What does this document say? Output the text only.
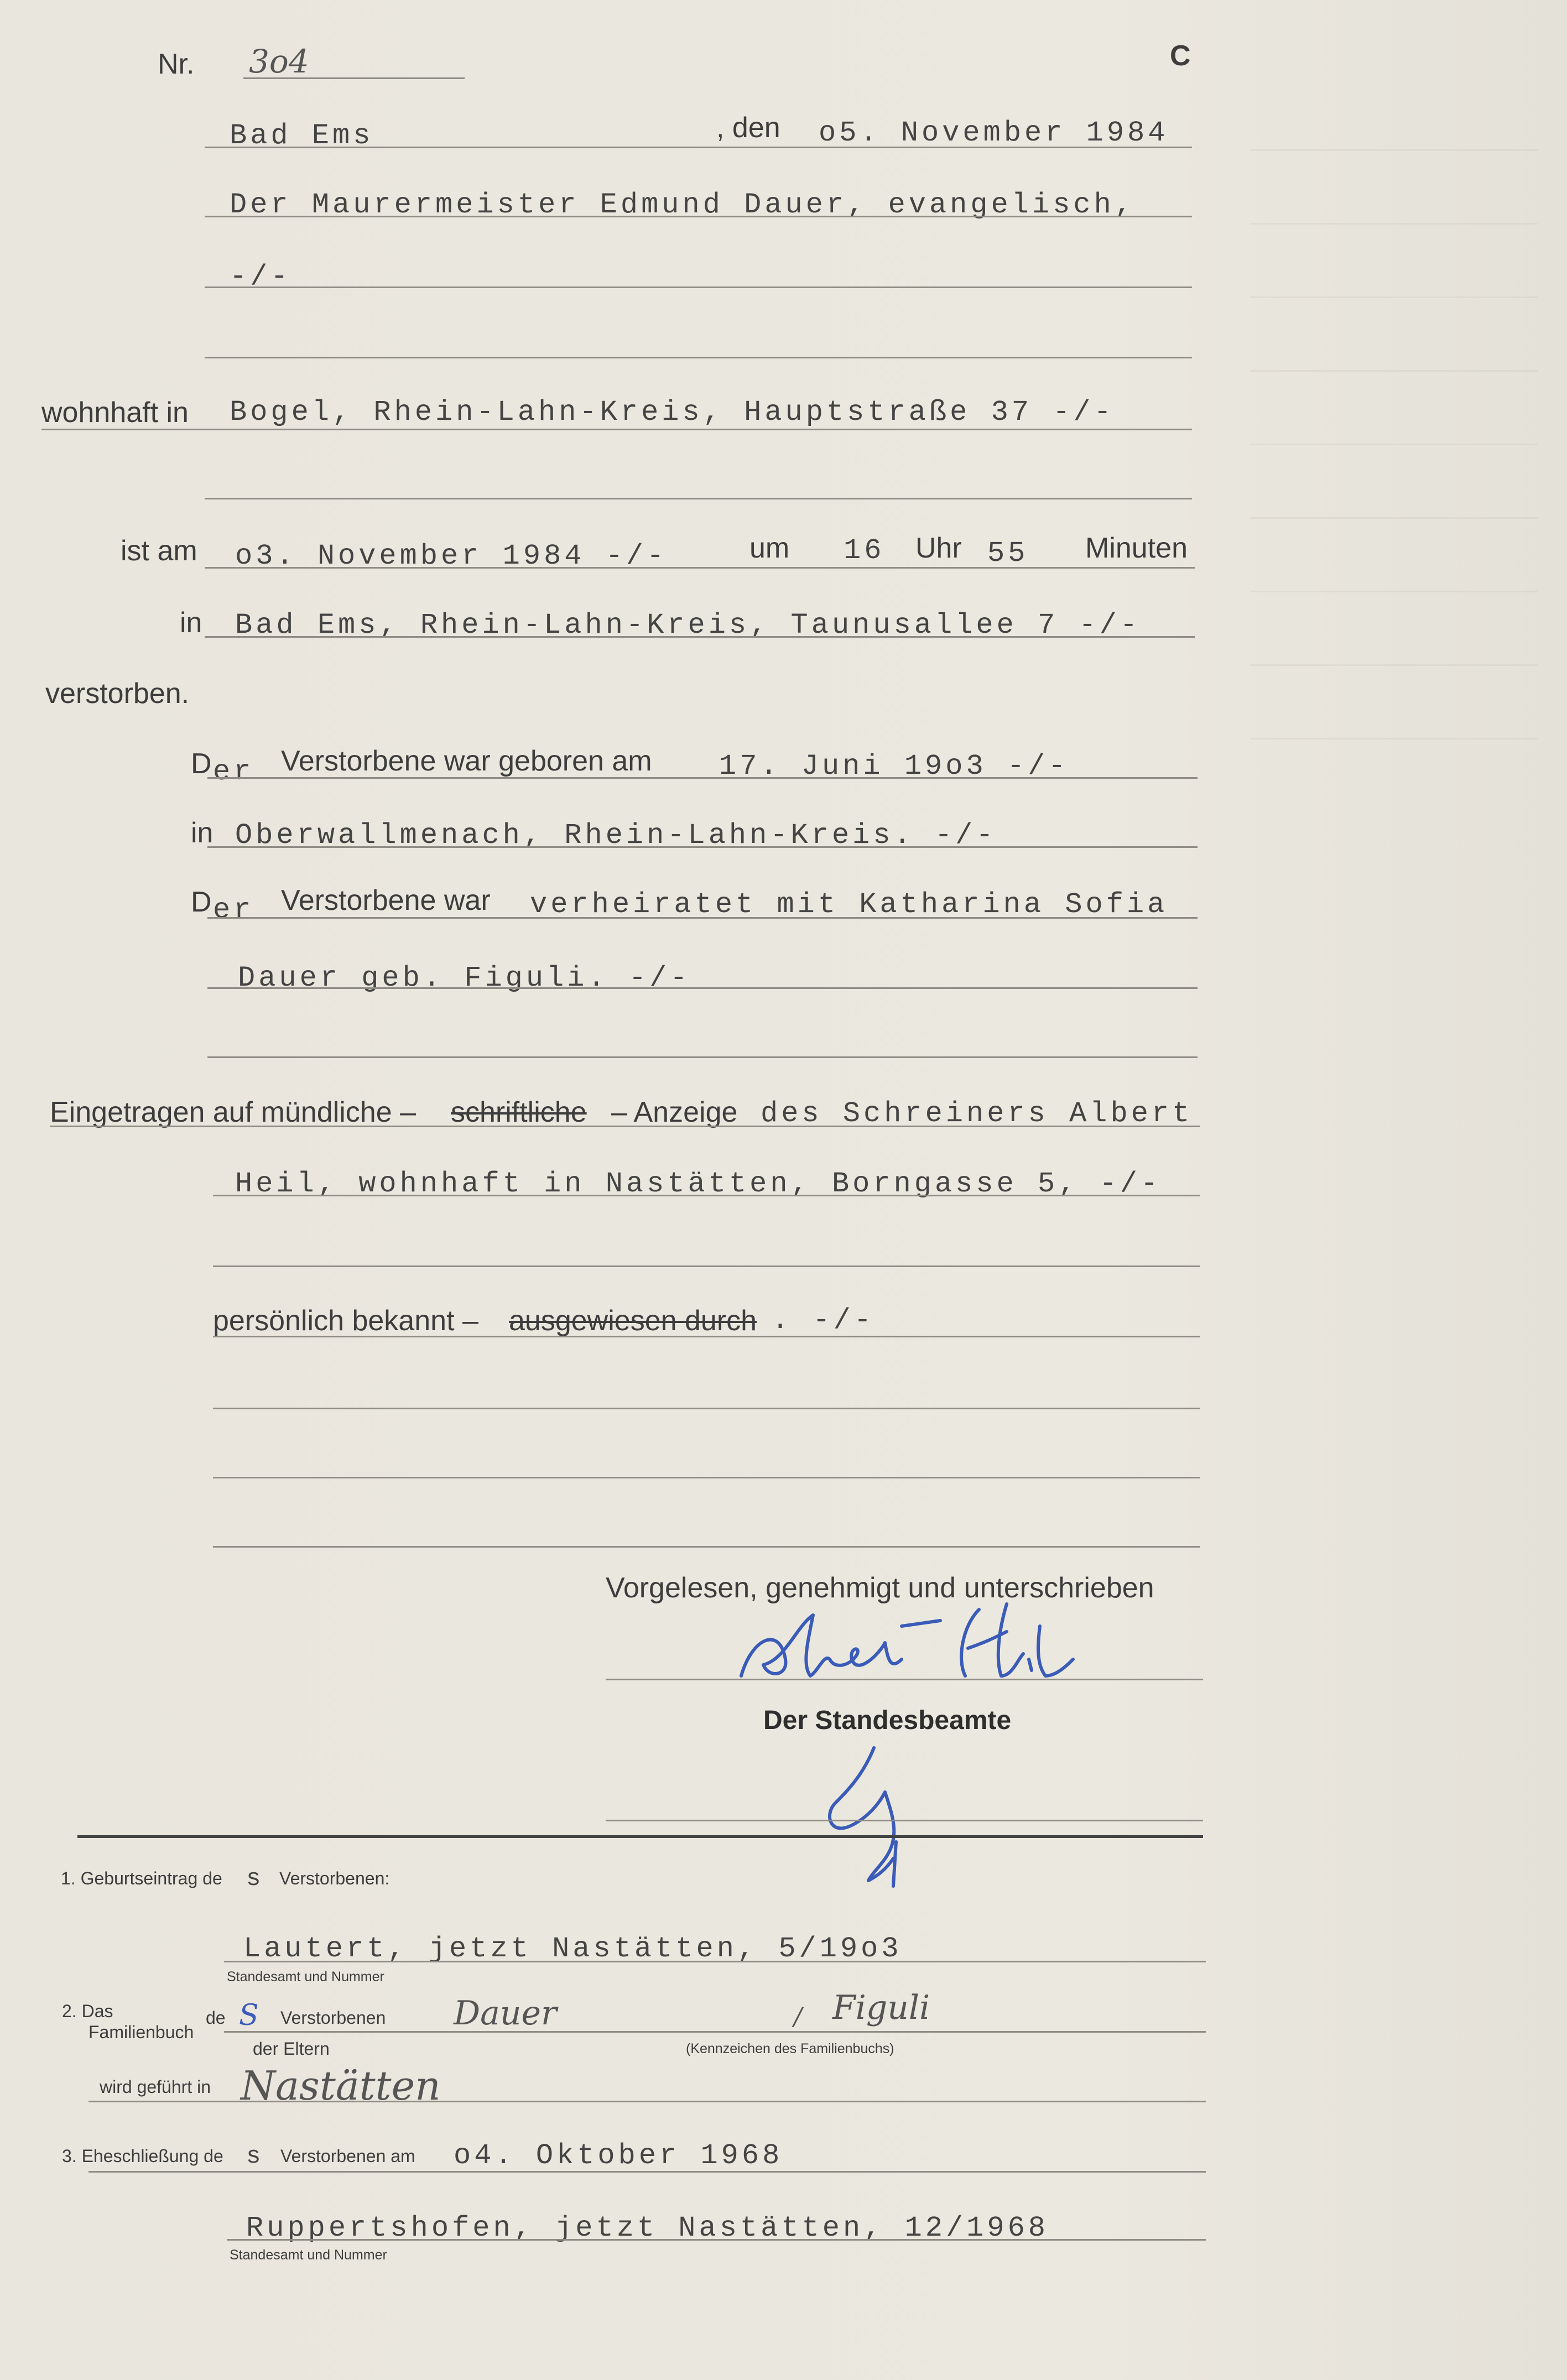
Nr. 3o4	C
Bad Ems	, den o5. November 1984
Der Maurermeister Edmund Dauer, evangelisch,
-/-
wohnhaft in Bogel, Rhein-Lahn-Kreis, Hauptstraße 37 -/-
ist am o3. November 1984 -/-	um 16 Uhr 55 Minuten
in Bad Ems, Rhein-Lahn-Kreis, Taunusallee 7 -/-
verstorben.
D er Verstorbene war geboren am 17. Juni 19o3 -/-
in Oberwallmenach, Rhein-Lahn-Kreis. -/-
D er Verstorbene war verheiratet mit Katharina Sofia
Dauer geb. Figuli. -/-
Eingetragen auf mündliche – schriftliche – Anzeige des Schreiners Albert
Heil, wohnhaft in Nastätten, Borngasse 5, -/-
persönlich bekannt – ausgewiesen durch . -/-
Vorgelesen, genehmigt und unterschrieben
Der Standesbeamte
1. Geburtseintrag de s Verstorbenen:
Lautert, jetzt Nastätten, 5/19o3
Standesamt und Nummer
2. Das
Familienbuch
de S Verstorbenen Dauer	/ Figuli
der Eltern	(Kennzeichen des Familienbuchs)
wird geführt in Nastätten
3. Eheschließung de s Verstorbenen am o4. Oktober 1968
Ruppertshofen, jetzt Nastätten, 12/1968
Standesamt und Nummer
